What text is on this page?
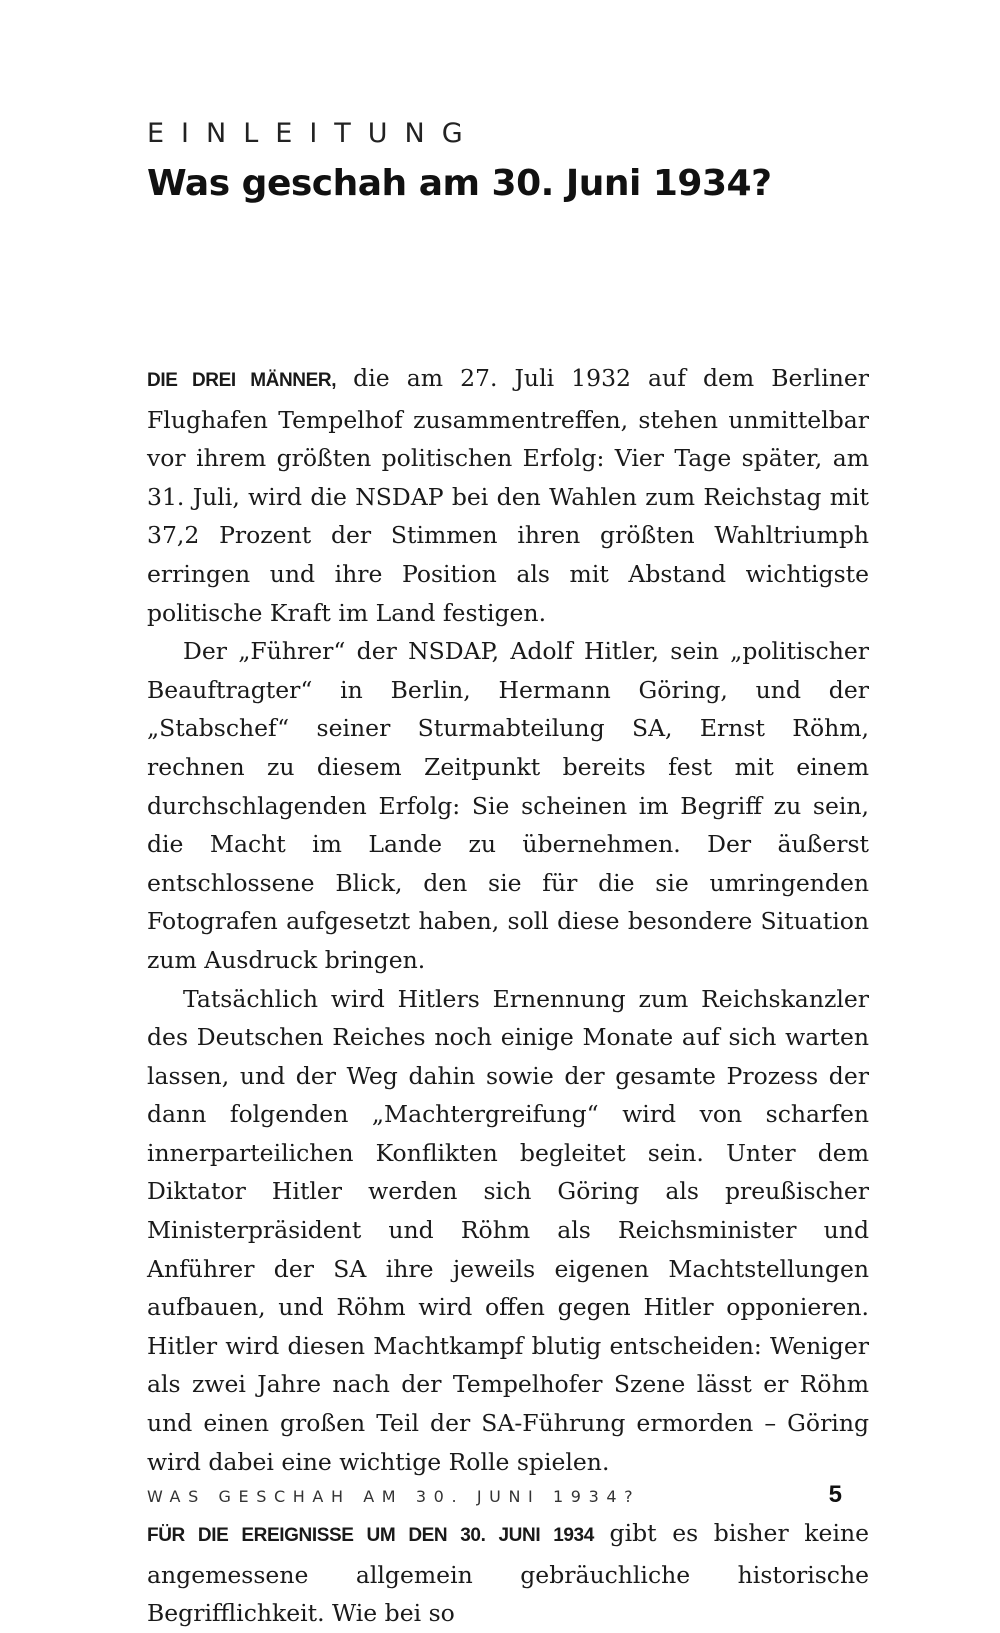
EINLEITUNG
Was geschah am 30. Juni 1934?

DIE DREI MÄNNER, die am 27. Juli 1932 auf dem Berliner Flughafen Tempelhof zusammentreffen, stehen unmittelbar vor ihrem größten politischen Erfolg: Vier Tage später, am 31. Juli, wird die NSDAP bei den Wahlen zum Reichstag mit 37,2 Prozent der Stimmen ihren größten Wahltriumph erringen und ihre Position als mit Abstand wichtigste politische Kraft im Land festigen.

Der „Führer“ der NSDAP, Adolf Hitler, sein „politischer Beauftragter“ in Berlin, Hermann Göring, und der „Stabschef“ seiner Sturmabteilung SA, Ernst Röhm, rechnen zu diesem Zeitpunkt bereits fest mit einem durchschlagenden Erfolg: Sie scheinen im Begriff zu sein, die Macht im Lande zu übernehmen. Der äußerst entschlossene Blick, den sie für die sie umringenden Fotografen aufgesetzt haben, soll diese besondere Situation zum Ausdruck bringen.

Tatsächlich wird Hitlers Ernennung zum Reichskanzler des Deutschen Reiches noch einige Monate auf sich warten lassen, und der Weg dahin sowie der gesamte Prozess der dann folgenden „Machtergreifung“ wird von scharfen innerparteilichen Konflikten begleitet sein. Unter dem Diktator Hitler werden sich Göring als preußischer Ministerpräsident und Röhm als Reichsminister und Anführer der SA ihre jeweils eigenen Machtstellungen aufbauen, und Röhm wird offen gegen Hitler opponieren. Hitler wird diesen Machtkampf blutig entscheiden: Weniger als zwei Jahre nach der Tempelhofer Szene lässt er Röhm und einen großen Teil der SA-Führung ermorden – Göring wird dabei eine wichtige Rolle spielen.

FÜR DIE EREIGNISSE UM DEN 30. JUNI 1934 gibt es bisher keine angemessene allgemein gebräuchliche historische Begrifflichkeit. Wie bei so

WAS GESCHAH AM 30. JUNI 1934?	5
